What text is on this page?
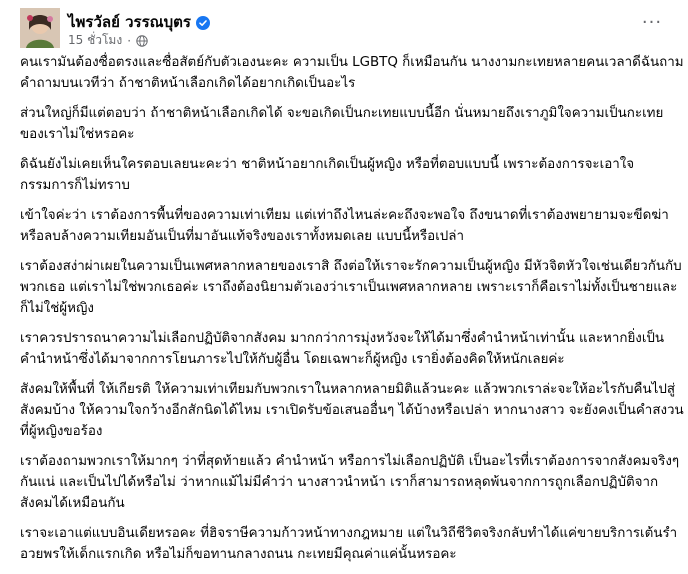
ไพรวัลย์ วรรณบุตร
15 ชั่วโมง ·
···

คนเรามันต้องซื่อตรงและซื่อสัตย์กับตัวเองนะคะ ความเป็น LGBTQ ก็เหมือนกัน นางงามกะเทยหลายคนเวลาดีฉันถามคำถามบนเวทีว่า ถ้าชาติหน้าเลือกเกิดได้อยากเกิดเป็นอะไร

ส่วนใหญ่ก็มีแต่ตอบว่า ถ้าชาติหน้าเลือกเกิดได้ จะขอเกิดเป็นกะเทยแบบนี้อีก นั่นหมายถึงเราภูมิใจความเป็นกะเทยของเราไม่ใช่หรอคะ

ดิฉันยังไม่เคยเห็นใครตอบเลยนะคะว่า ชาติหน้าอยากเกิดเป็นผู้หญิง หรือที่ตอบแบบนี้ เพราะต้องการจะเอาใจกรรมการก็ไม่ทราบ

เข้าใจค่ะว่า เราต้องการพื้นที่ของความเท่าเทียม แต่เท่าถึงไหนล่ะคะถึงจะพอใจ ถึงขนาดที่เราต้องพยายามจะขีดฆ่าหรือลบล้างความเทียมอันเป็นที่มาอันแท้จริงของเราทั้งหมดเลย แบบนี้หรือเปล่า

เราต้องสง่าผ่าเผยในความเป็นเพศหลากหลายของเราสิ ถึงต่อให้เราจะรักความเป็นผู้หญิง มีหัวจิตหัวใจเช่นเดียวกันกับพวกเธอ แต่เราไม่ใช่พวกเธอค่ะ เราถึงต้องนิยามตัวเองว่าเราเป็นเพศหลากหลาย เพราะเราก็คือเราไม่ทั้งเป็นชายและก็ไม่ใช่ผู้หญิง

เราควรปรารถนาความไม่เลือกปฏิบัติจากสังคม มากกว่าการมุ่งหวังจะให้ได้มาซึ่งคำนำหน้าเท่านั้น และหากยิ่งเป็นคำนำหน้าซึ่งได้มาจากการโยนภาระไปให้กับผู้อื่น โดยเฉพาะก็ผู้หญิง เรายิ่งต้องคิดให้หนักเลยค่ะ

สังคมให้พื้นที่ ให้เกียรติ ให้ความเท่าเทียมกับพวกเราในหลากหลายมิติแล้วนะคะ แล้วพวกเราล่ะจะให้อะไรกับคืนไปสู่สังคมบ้าง ให้ความใจกว้างอีกสักนิดได้ไหม เราเปิดรับข้อเสนออื่นๆ ได้บ้างหรือเปล่า หากนางสาว จะยังคงเป็นคำสงวนที่ผู้หญิงขอร้อง

เราต้องถามพวกเราให้มากๆ ว่าที่สุดท้ายแล้ว คำนำหน้า หรือการไม่เลือกปฏิบัติ เป็นอะไรที่เราต้องการจากสังคมจริงๆ กันแน่ และเป็นไปได้หรือไม่ ว่าหากแม้ไม่มีคำว่า นางสาวนำหน้า เราก็สามารถหลุดพ้นจากการถูกเลือกปฏิบัติจากสังคมได้เหมือนกัน

เราจะเอาแต่แบบอินเดียหรอคะ ที่ฮิจราษีความก้าวหน้าทางกฎหมาย แต่ในวิถีชีวิตจริงกลับทำได้แค่ขายบริการเต้นรำอวยพรให้เด็กแรกเกิด หรือไม่ก็ขอทานกลางถนน กะเทยมีคุณค่าแค่นั้นหรอคะ
